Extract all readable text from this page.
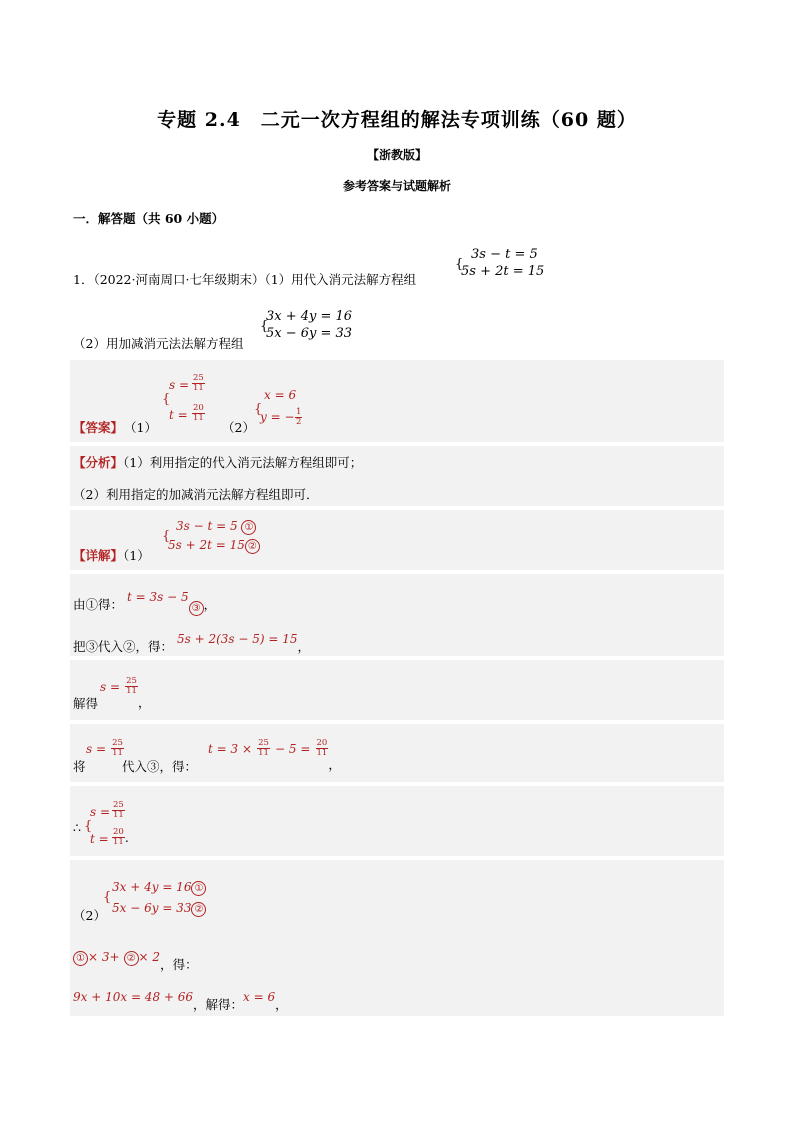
专题 2.4　二元一次方程组的解法专项训练（60 题）
【浙教版】
参考答案与试题解析
一．解答题（共 60 小题）
1．（2022·河南周口·七年级期末）（1）用代入消元法解方程组
{
3s − t = 5
5s + 2t = 15
（2）用加减消元法法解方程组
{
3x + 4y = 16
5x − 6y = 33
【答案】 （1）
{
$s = \frac{25}{11}$
$t = \frac{20}{11}$
（2）
{
x = 6
y = − $\frac{1}{2}$
【分析】（1）利用指定的代入消元法解方程组即可；
（2）利用指定的加减消元法解方程组即可．
【详解】（1）
{
3s − t = 5 ①
5s + 2t = 15 ②
由①得： t = 3s − 5③ ，
把③代入②，得： 5s + 2(3s − 5) = 15，
解得
$s = \frac{25}{11}$
$_,$
将
$s = \frac{25}{11}$
代入③，得：
$t = 3 \times \frac{25}{11} - 5 = \frac{20}{11}$
$_,$
∴ {
$s = \frac{25}{11}$
$t = \frac{20}{11}$ .
（2）
{
3x + 4y = 16 ①
5x − 6y = 33 ②
① × 3+ ② × 2，得：
9x + 10x = 48 + 66，解得：x = 6，
